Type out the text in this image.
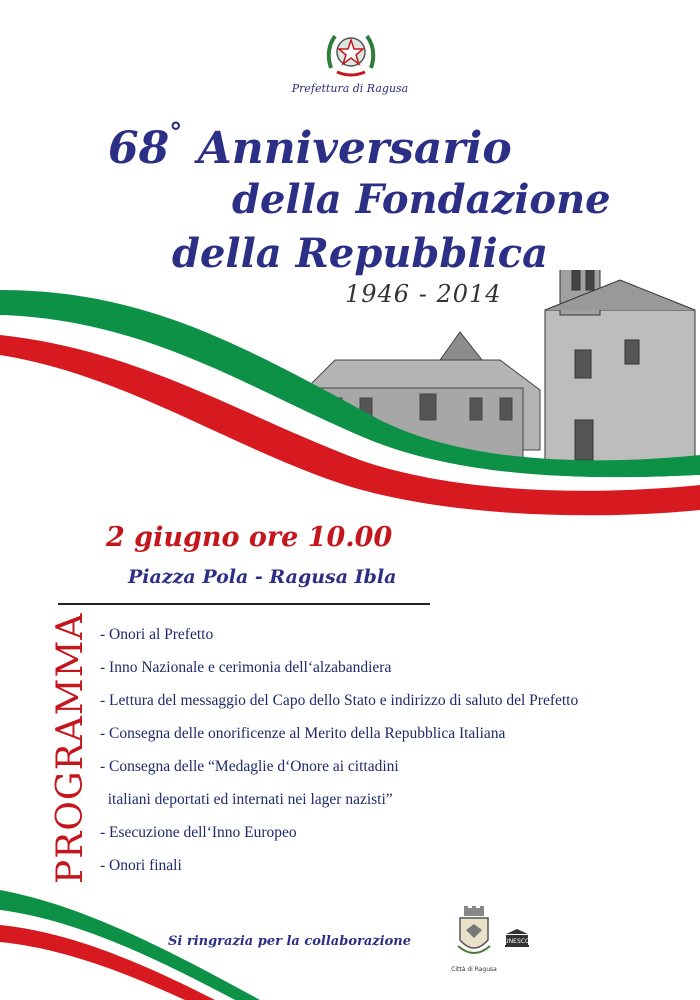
Prefettura di Ragusa
68° Anniversario
della Fondazione
della Repubblica
1946 - 2014
2 giugno ore 10.00
Piazza Pola - Ragusa Ibla
PROGRAMMA - Onori al Prefetto
- Inno Nazionale e cerimonia dell‘alzabandiera
- Lettura del messaggio del Capo dello Stato e indirizzo di saluto del Prefetto
- Consegna delle onorificenze al Merito della Repubblica Italiana
- Consegna delle “Medaglie d‘Onore ai cittadini
italiani deportati ed internati nei lager nazisti”
- Esecuzione dell‘Inno Europeo
- Onori finali
Si ringrazia per la collaborazione
Città di Ragusa
UNESCO
